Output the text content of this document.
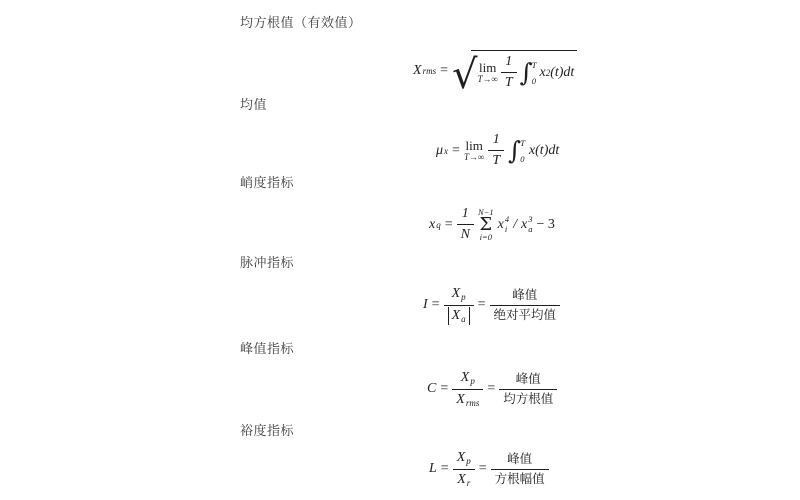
均方根值（有效值）
X rms = √ lim
$T\to\infty \frac{1}{T}$ ∫ T
0
x 2 (t)dt
均值
μ x = lim
$T\to\infty \frac{1}{T}$ ∫ T
0
x(t)dt
峭度指标
x $q = \frac{1}{N} N-1$
Σ
i=0
x 4
i / x 3
a − 3
脉冲指标
$I = \frac{X_p}{X_a} = \frac{\text{峰值}}{\text{绝对平均值}}$
峰值指标
$C = \frac{X_p}{X_{rms}} = \frac{\text{峰值}}{\text{均方根值}}$
裕度指标
$L = \frac{X_p}{X_r} = \frac{\text{峰值}}{\text{方根幅值}}$
